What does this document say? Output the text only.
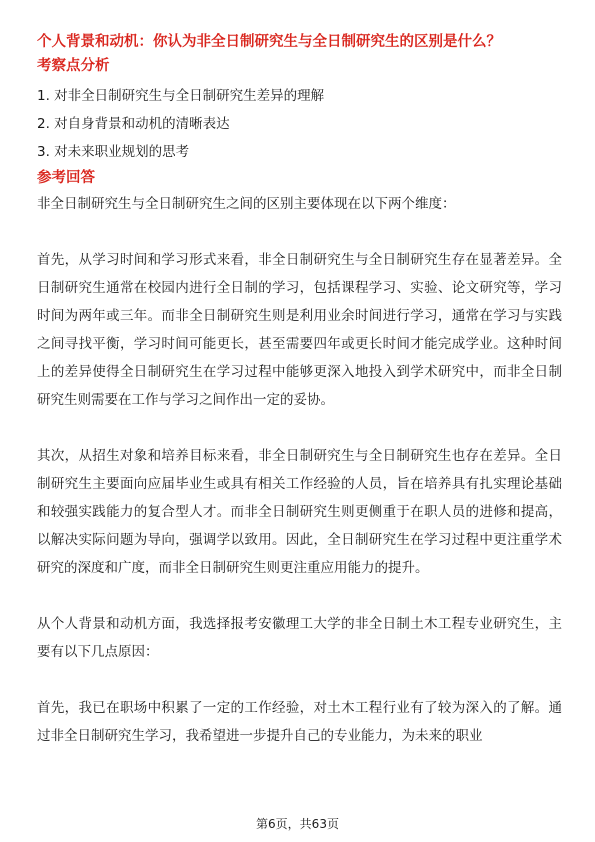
个人背景和动机：你认为非全日制研究生与全日制研究生的区别是什么？
考察点分析

1. 对非全日制研究生与全日制研究生差异的理解

2. 对自身背景和动机的清晰表达

3. 对未来职业规划的思考

参考回答

非全日制研究生与全日制研究生之间的区别主要体现在以下两个维度：

首先，从学习时间和学习形式来看，非全日制研究生与全日制研究生存在显著差异。全日制研究生通常在校园内进行全日制的学习，包括课程学习、实验、论文研究等，学习时间为两年或三年。而非全日制研究生则是利用业余时间进行学习，通常在学习与实践之间寻找平衡，学习时间可能更长，甚至需要四年或更长时间才能完成学业。这种时间上的差异使得全日制研究生在学习过程中能够更深入地投入到学术研究中，而非全日制研究生则需要在工作与学习之间作出一定的妥协。

其次，从招生对象和培养目标来看，非全日制研究生与全日制研究生也存在差异。全日制研究生主要面向应届毕业生或具有相关工作经验的人员，旨在培养具有扎实理论基础和较强实践能力的复合型人才。而非全日制研究生则更侧重于在职人员的进修和提高，以解决实际问题为导向，强调学以致用。因此，全日制研究生在学习过程中更注重学术研究的深度和广度，而非全日制研究生则更注重应用能力的提升。

从个人背景和动机方面，我选择报考安徽理工大学的非全日制土木工程专业研究生，主要有以下几点原因：

首先，我已在职场中积累了一定的工作经验，对土木工程行业有了较为深入的了解。通过非全日制研究生学习，我希望进一步提升自己的专业能力，为未来的职业

第6页，共63页
